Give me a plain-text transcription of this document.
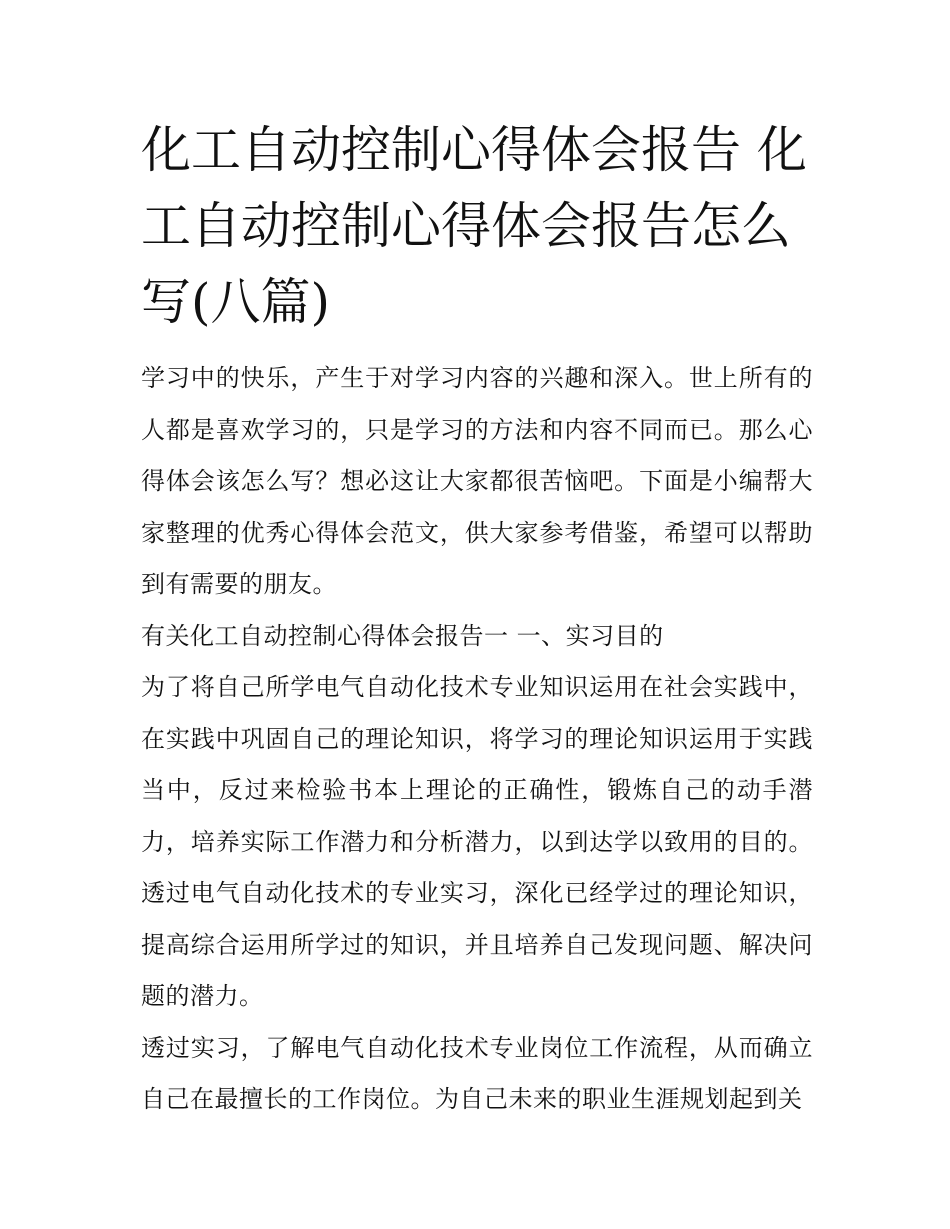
化工自动控制心得体会报告 化工自动控制心得体会报告怎么写(八篇)

学习中的快乐，产生于对学习内容的兴趣和深入。世上所有的人都是喜欢学习的，只是学习的方法和内容不同而已。那么心得体会该怎么写？想必这让大家都很苦恼吧。下面是小编帮大家整理的优秀心得体会范文，供大家参考借鉴，希望可以帮助到有需要的朋友。

有关化工自动控制心得体会报告一 一、实习目的

为了将自己所学电气自动化技术专业知识运用在社会实践中，在实践中巩固自己的理论知识，将学习的理论知识运用于实践当中，反过来检验书本上理论的正确性，锻炼自己的动手潜力，培养实际工作潜力和分析潜力，以到达学以致用的目的。透过电气自动化技术的专业实习，深化已经学过的理论知识，提高综合运用所学过的知识，并且培养自己发现问题、解决问题的潜力。

透过实习，了解电气自动化技术专业岗位工作流程，从而确立自己在最擅长的工作岗位。为自己未来的职业生涯规划起到关
